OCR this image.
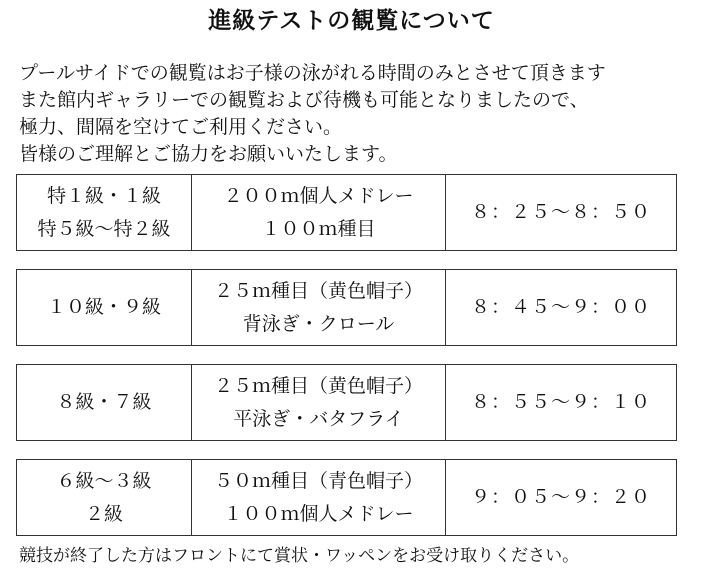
進級テストの観覧について
プールサイドでの観覧はお子様の泳がれる時間のみとさせて頂きます
また館内ギャラリーでの観覧および待機も可能となりましたので、
極力、間隔を空けてご利用ください。
皆様のご理解とご協力をお願いいたします。
特１級・１級
特５級～特２級
２００ｍ個人メドレー
１００ｍ種目
８：２５～８：５０
１０級・９級
２５ｍ種目（黄色帽子）
背泳ぎ・クロール
８：４５～９：００
８級・７級
２５ｍ種目（黄色帽子）
平泳ぎ・バタフライ
８：５５～９：１０
６級～３級
２級
５０ｍ種目（青色帽子）
１００ｍ個人メドレー
９：０５～９：２０
競技が終了した方はフロントにて賞状・ワッペンをお受け取りください。
